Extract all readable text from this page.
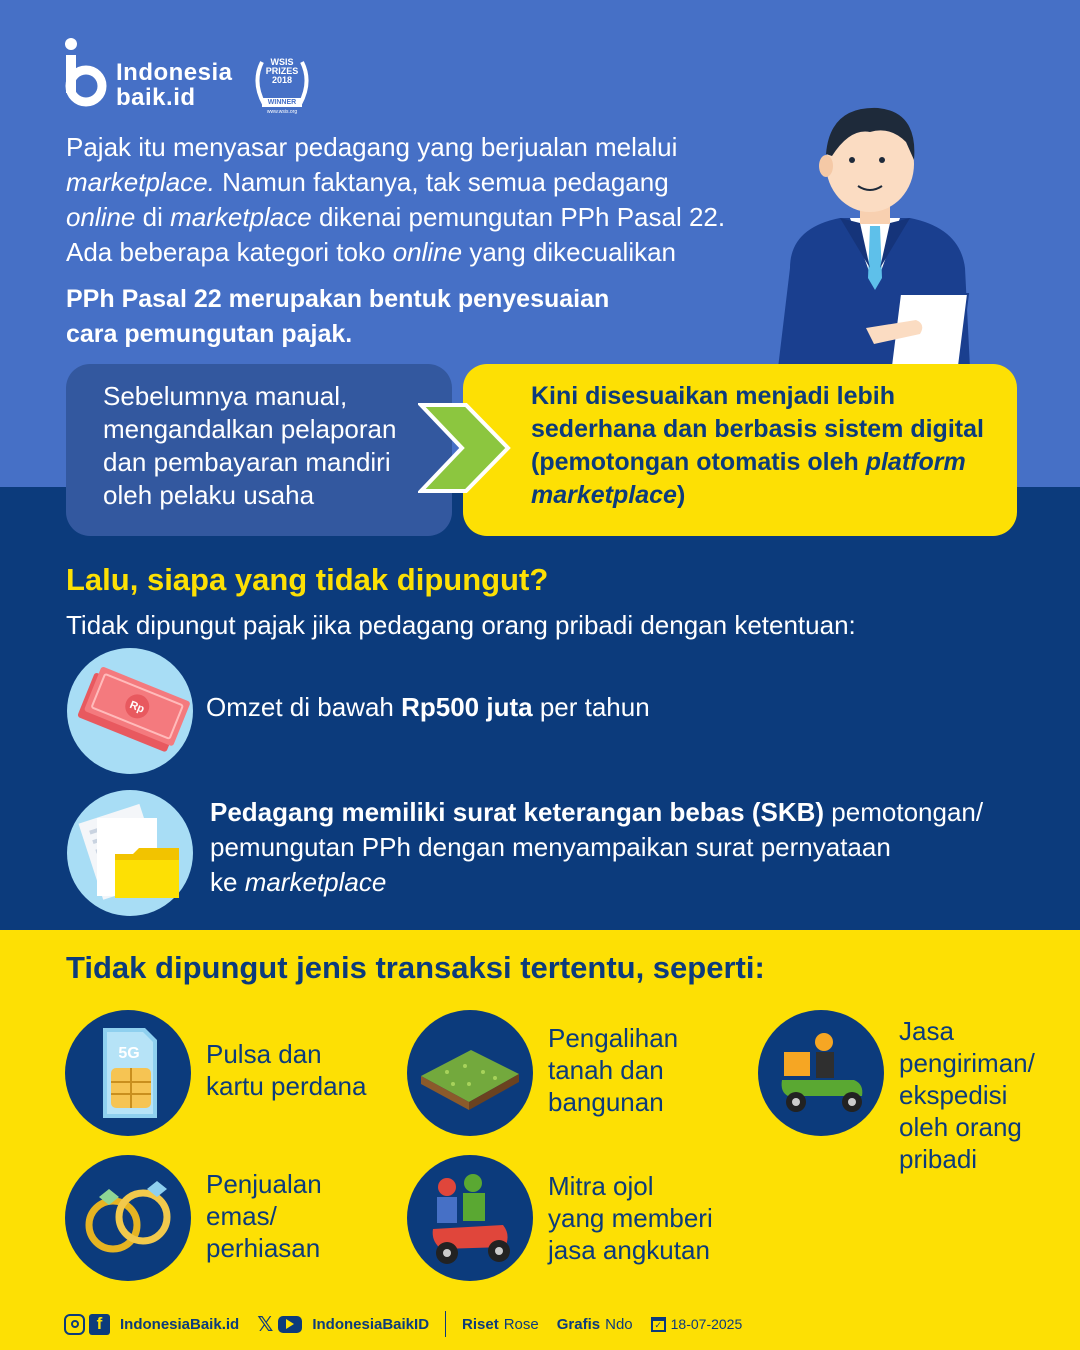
Indonesia
baik.id
WSIS
PRIZES
2018
WINNER
www.wsis.org
Pajak itu menyasar pedagang yang berjualan melalui
marketplace. Namun faktanya, tak semua pedagang
online di marketplace dikenai pemungutan PPh Pasal 22.
Ada beberapa kategori toko online yang dikecualikan
PPh Pasal 22 merupakan bentuk penyesuaian
cara pemungutan pajak.
Sebelumnya manual, mengandalkan pelaporan dan pembayaran mandiri oleh pelaku usaha
Kini disesuaikan menjadi lebih sederhana dan berbasis sistem digital (pemotongan otomatis oleh platform marketplace)
Lalu, siapa yang tidak dipungut?
Tidak dipungut pajak jika pedagang orang pribadi dengan ketentuan:
Rp Omzet di bawah Rp500 juta per tahun
Pedagang memiliki surat keterangan bebas (SKB) pemotongan/
pemungutan PPh dengan menyampaikan surat pernyataan
ke marketplace
Tidak dipungut jenis transaksi tertentu, seperti:
5G	Pulsa dan
kartu perdana
Pengalihan
tanah dan
bangunan
Jasa
pengiriman/
ekspedisi
oleh orang
pribadi
Penjualan
emas/
perhiasan
Mitra ojol
yang memberi
jasa angkutan
f	IndonesiaBaik.id 𝕏	IndonesiaBaikID Riset Rose Grafis Ndo	✓ 18-07-2025
